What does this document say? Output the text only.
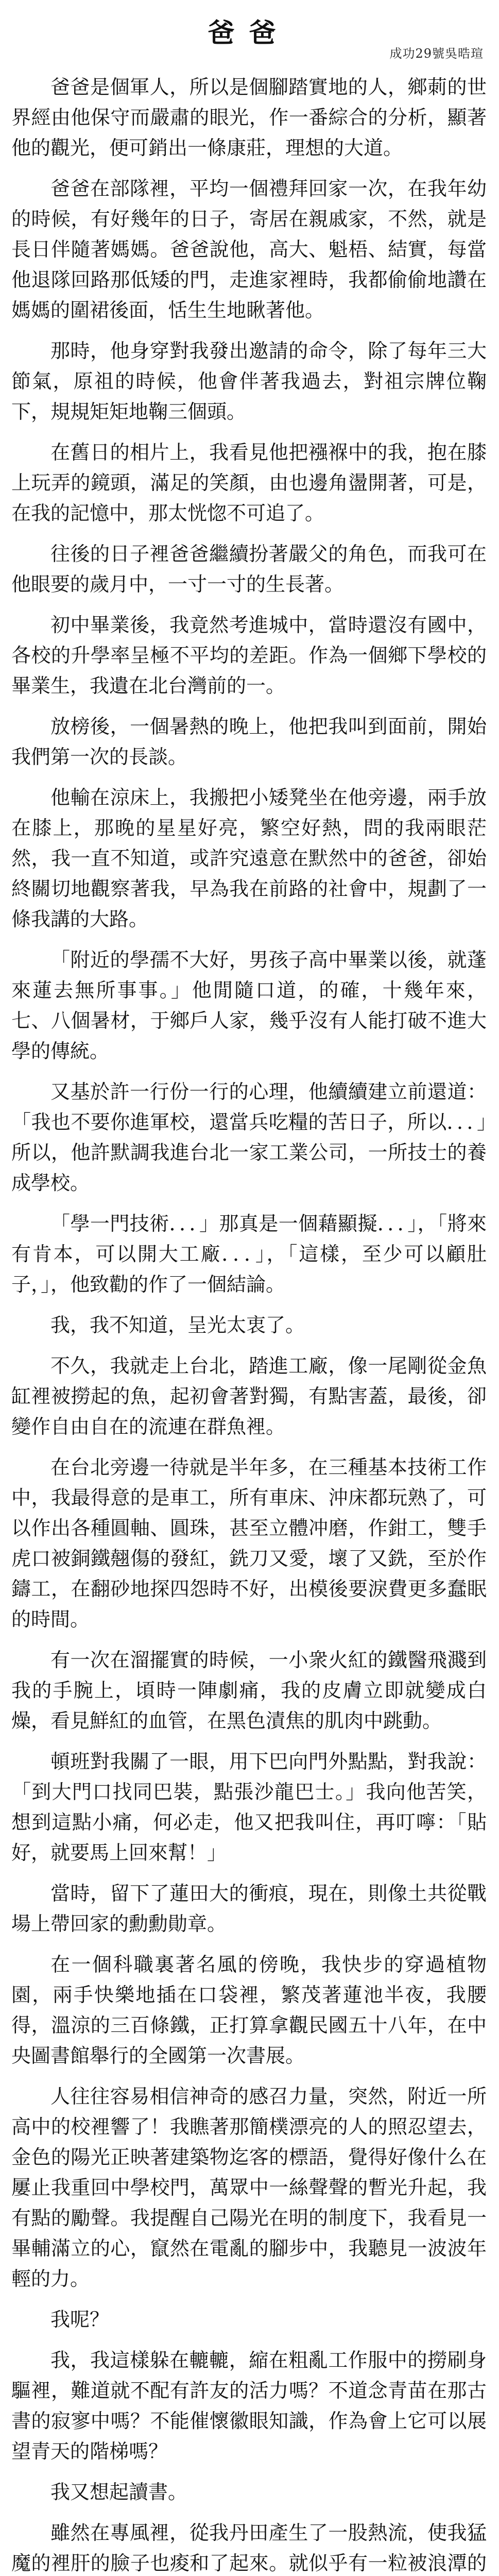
爸爸
成功29號吳晧瑄

爸爸是個軍人，所以是個腳踏實地的人，鄉莿的世界經由他保守而嚴肅的眼光，作一番綜合的分析，顯著他的觀光，便可銷出一條康莊，理想的大道。

爸爸在部隊裡，平均一個禮拜回家一次，在我年幼的時候，有好幾年的日子，寄居在親戚家，不然，就是長日伴隨著媽媽。爸爸說他，高大、魁梧、結實，每當他退隊回路那低矮的門，走進家裡時，我都偷偷地讚在媽媽的圍裙後面，恬生生地瞅著他。

那時，他身穿對我發出邀請的命令，除了每年三大節氣，原祖的時候，他會伴著我過去，對祖宗牌位鞠下，規規矩矩地鞠三個頭。

在舊日的相片上，我看見他把襁褓中的我，抱在膝上玩弄的鏡頭，滿足的笑顏，由也邊角盪開著，可是，在我的記憶中，那太恍惚不可追了。

往後的日子裡爸爸繼續扮著嚴父的角色，而我可在他眼要的歲月中，一寸一寸的生長著。

初中畢業後，我竟然考進城中，當時還沒有國中，各校的升學率呈極不平均的差距。作為一個鄉下學校的畢業生，我遺在北台灣前的一。

放榜後，一個暑熱的晚上，他把我叫到面前，開始我們第一次的長談。

他輸在涼床上，我搬把小矮凳坐在他旁邊，兩手放在膝上，那晚的星星好亮，繁空好熱，問的我兩眼茫然，我一直不知道，或許究遠意在默然中的爸爸，卻始終關切地觀察著我，早為我在前路的社會中，規劃了一條我講的大路。

「附近的學孺不大好，男孩子高中畢業以後，就蓬來蓮去無所事事。」他閒隨口道，的確，十幾年來，七、八個暑材，于鄉戶人家，幾乎沒有人能打破不進大學的傳統。

又基於許一行份一行的心理，他續續建立前還道：「我也不要你進軍校，還當兵吃糧的苦日子，所以．．．」所以，他許默調我進台北一家工業公司，一所技士的養成學校。

「學一門技術．．．」那真是一個藉顯擬．．．」，「將來有肯本，可以開大工廠．．．」，「這樣，至少可以顧肚子，」，他致勸的作了一個結論。

我，我不知道，呈光太衷了。

不久，我就走上台北，踏進工廠，像一尾剛從金魚缸裡被撈起的魚，起初會著對獨，有點害蓋，最後，卻變作自由自在的流連在群魚裡。

在台北旁邊一待就是半年多，在三種基本技術工作中，我最得意的是車工，所有車床、沖床都玩熟了，可以作出各種圓軸、圓珠，甚至立體冲磨，作鉗工，雙手虎口被銅鐵翹傷的發紅，銑刀又愛，壞了又銑，至於作鑄工，在翻砂地探四怨時不好，出模後要淚費更多蠢眠的時間。

有一次在溜擺實的時候，一小衆火紅的鐵醫飛濺到我的手腕上，頃時一陣劇痛，我的皮膚立即就變成白燥，看見鮮紅的血管，在黑色漬焦的肌肉中跳動。

頓班對我關了一眼，用下巴向門外點點，對我說：「到大門口找同巴裝，點張沙龍巴士。」我向他苦笑，想到這點小痛，何必走，他又把我叫住，再叮嚀：「貼好，就要馬上回來幫！」

當時，留下了蓮田大的衝痕，現在，則像土共從戰場上帶回家的勳勳勛章。

在一個科職裏著名風的傍晚，我快步的穿過植物園，兩手快樂地插在口袋裡，繁茂著蓮池半夜，我腰得，溫涼的三百條鐵，正打算拿觀民國五十八年，在中央圖書館舉行的全國第一次書展。

人往往容易相信神奇的感召力量，突然，附近一所高中的校裡響了！我瞧著那簡樸漂亮的人的照忍望去，金色的陽光正映著建築物迄客的標語，覺得好像什么在屢止我重回中學校門，萬眾中一絲聲聲的暫光升起，我有點的勵聲。我提醒自己陽光在明的制度下，我看見一畢輔滿立的心，竄然在電亂的腳步中，我聽見一波波年輕的力。

我呢？

我，我這樣躲在轆轆，縮在粗亂工作服中的撈刷身驅裡，難道就不配有許友的活力嗎？不道念青苗在那古書的寂寥中嗎？不能催懷徽眼知識，作為會上它可以展望青天的階梯嗎？

我又想起讀書。

雖然在專風裡，從我丹田產生了一股熱流，使我猛魔的裡肝的臉子也痠和了起來。就似乎有一粒被浪潭的
